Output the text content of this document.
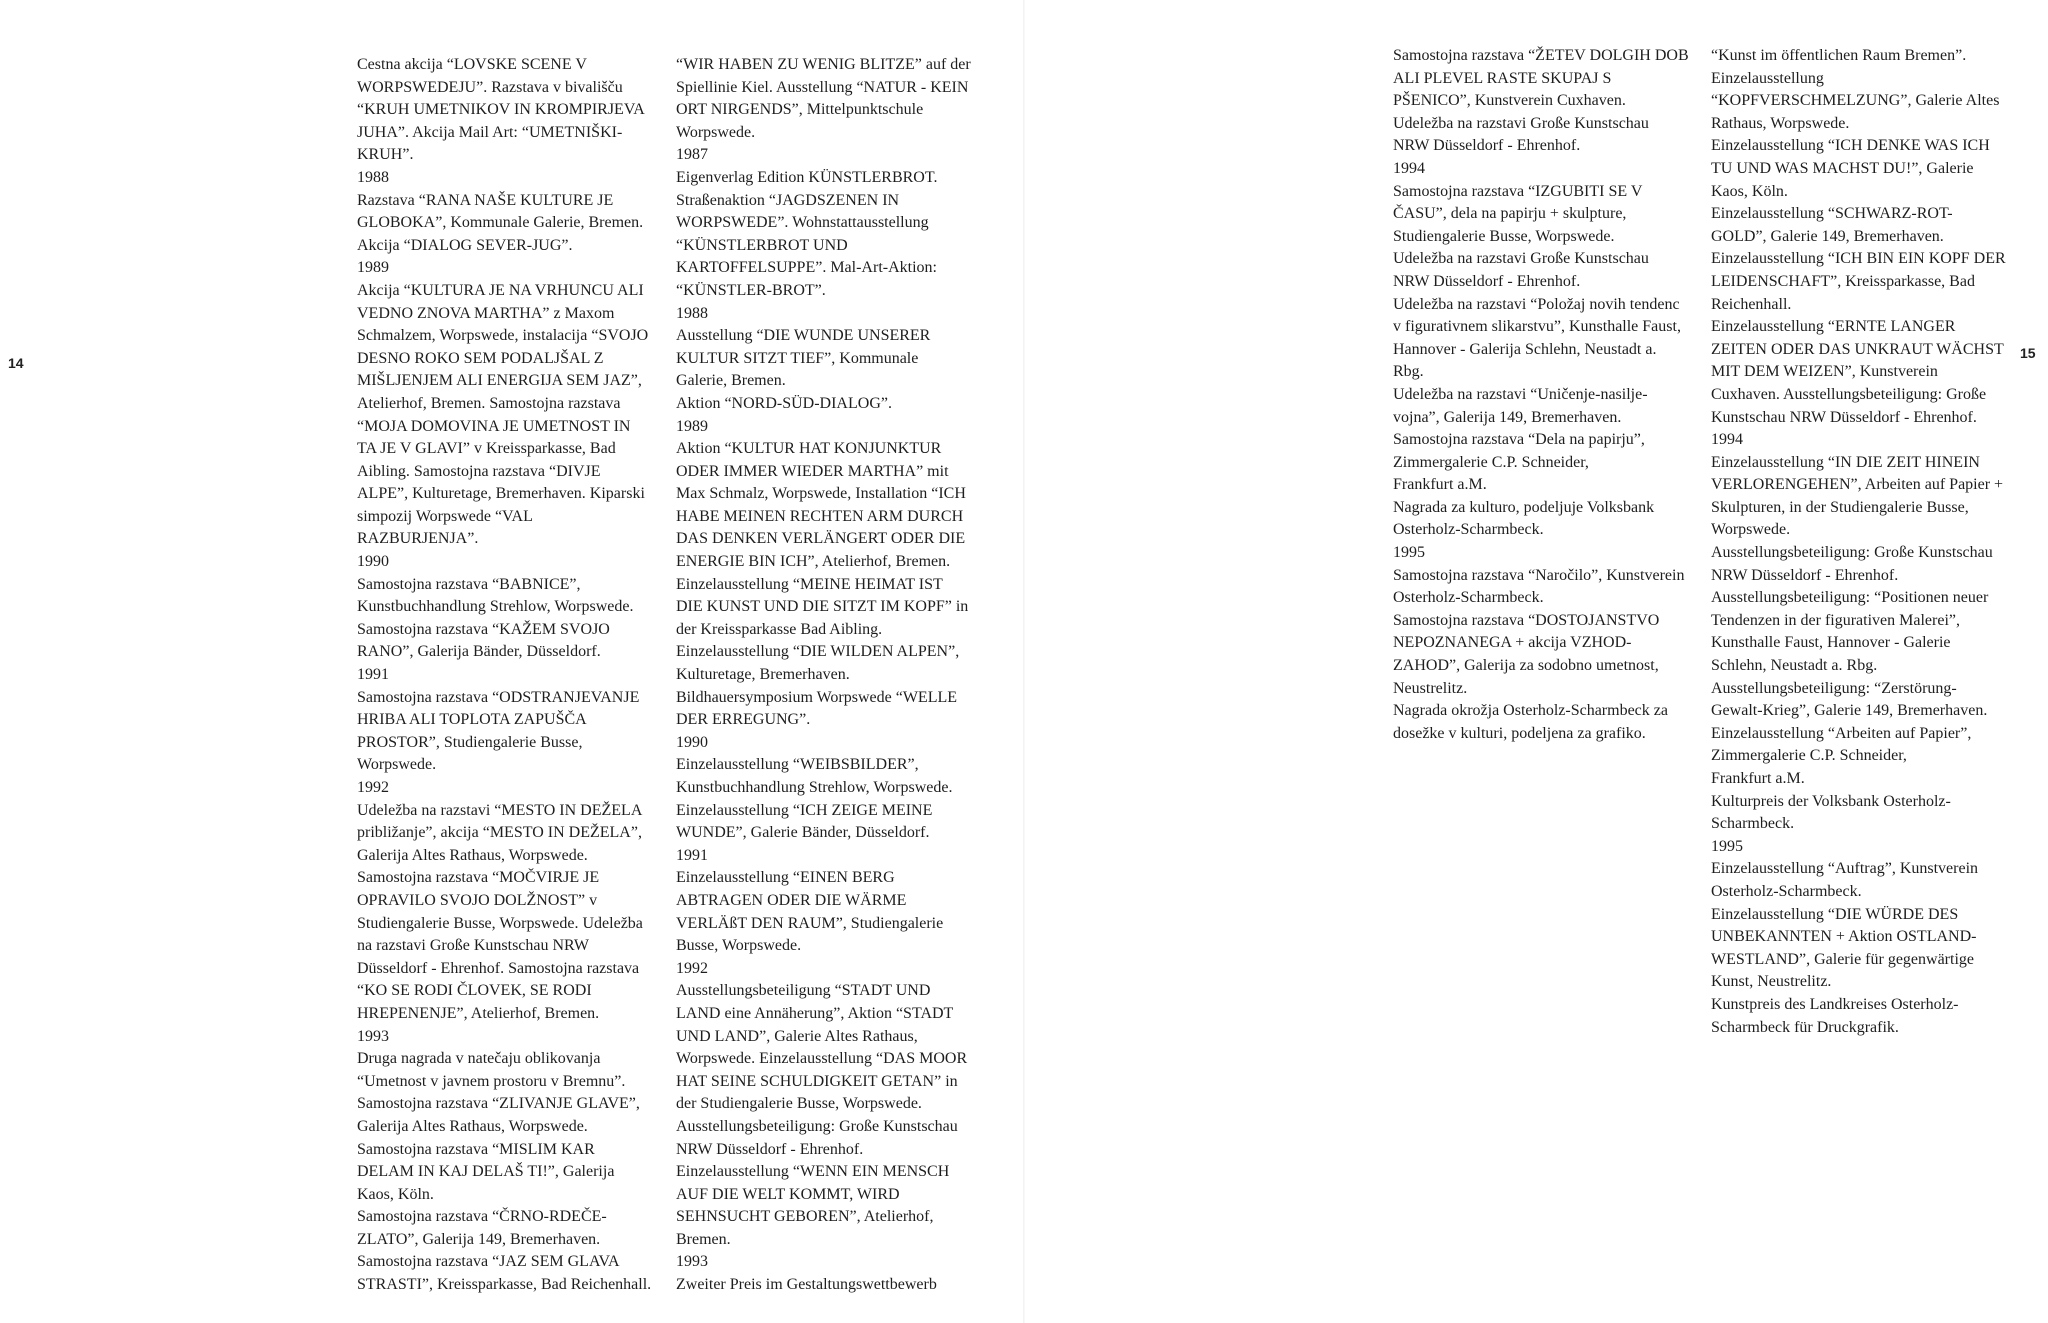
14
15
Cestna akcija “LOVSKE SCENE V
WORPSWEDEJU”. Razstava v bivališču
“KRUH UMETNIKOV IN KROMPIRJEVA
JUHA”. Akcija Mail Art: “UMETNIŠKI-
KRUH”.
1988
Razstava “RANA NAŠE KULTURE JE
GLOBOKA”, Kommunale Galerie, Bremen.
Akcija “DIALOG SEVER-JUG”.
1989
Akcija “KULTURA JE NA VRHUNCU ALI
VEDNO ZNOVA MARTHA” z Maxom
Schmalzem, Worpswede, instalacija “SVOJO
DESNO ROKO SEM PODALJŠAL Z
MIŠLJENJEM ALI ENERGIJA SEM JAZ”,
Atelierhof, Bremen. Samostojna razstava
“MOJA DOMOVINA JE UMETNOST IN
TA JE V GLAVI” v Kreissparkasse, Bad
Aibling. Samostojna razstava “DIVJE
ALPE”, Kulturetage, Bremerhaven. Kiparski
simpozij Worpswede “VAL
RAZBURJENJA”.
1990
Samostojna razstava “BABNICE”,
Kunstbuchhandlung Strehlow, Worpswede.
Samostojna razstava “KAŽEM SVOJO
RANO”, Galerija Bänder, Düsseldorf.
1991
Samostojna razstava “ODSTRANJEVANJE
HRIBA ALI TOPLOTA ZAPUŠČA
PROSTOR”, Studiengalerie Busse,
Worpswede.
1992
Udeležba na razstavi “MESTO IN DEŽELA
približanje”, akcija “MESTO IN DEŽELA”,
Galerija Altes Rathaus, Worpswede.
Samostojna razstava “MOČVIRJE JE
OPRAVILO SVOJO DOLŽNOST” v
Studiengalerie Busse, Worpswede. Udeležba
na razstavi Große Kunstschau NRW
Düsseldorf - Ehrenhof. Samostojna razstava
“KO SE RODI ČLOVEK, SE RODI
HREPENENJE”, Atelierhof, Bremen.
1993
Druga nagrada v natečaju oblikovanja
“Umetnost v javnem prostoru v Bremnu”.
Samostojna razstava “ZLIVANJE GLAVE”,
Galerija Altes Rathaus, Worpswede.
Samostojna razstava “MISLIM KAR
DELAM IN KAJ DELAŠ TI!”, Galerija
Kaos, Köln.
Samostojna razstava “ČRNO-RDEČE-
ZLATO”, Galerija 149, Bremerhaven.
Samostojna razstava “JAZ SEM GLAVA
STRASTI”, Kreissparkasse, Bad Reichenhall.
“WIR HABEN ZU WENIG BLITZE” auf der
Spiellinie Kiel. Ausstellung “NATUR - KEIN
ORT NIRGENDS”, Mittelpunktschule
Worpswede.
1987
Eigenverlag Edition KÜNSTLERBROT.
Straßenaktion “JAGDSZENEN IN
WORPSWEDE”. Wohnstattausstellung
“KÜNSTLERBROT UND
KARTOFFELSUPPE”. Mal-Art-Aktion:
“KÜNSTLER-BROT”.
1988
Ausstellung “DIE WUNDE UNSERER
KULTUR SITZT TIEF”, Kommunale
Galerie, Bremen.
Aktion “NORD-SÜD-DIALOG”.
1989
Aktion “KULTUR HAT KONJUNKTUR
ODER IMMER WIEDER MARTHA” mit
Max Schmalz, Worpswede, Installation “ICH
HABE MEINEN RECHTEN ARM DURCH
DAS DENKEN VERLÄNGERT ODER DIE
ENERGIE BIN ICH”, Atelierhof, Bremen.
Einzelausstellung “MEINE HEIMAT IST
DIE KUNST UND DIE SITZT IM KOPF” in
der Kreissparkasse Bad Aibling.
Einzelausstellung “DIE WILDEN ALPEN”,
Kulturetage, Bremerhaven.
Bildhauersymposium Worpswede “WELLE
DER ERREGUNG”.
1990
Einzelausstellung “WEIBSBILDER”,
Kunstbuchhandlung Strehlow, Worpswede.
Einzelausstellung “ICH ZEIGE MEINE
WUNDE”, Galerie Bänder, Düsseldorf.
1991
Einzelausstellung “EINEN BERG
ABTRAGEN ODER DIE WÄRME
VERLÄßT DEN RAUM”, Studiengalerie
Busse, Worpswede.
1992
Ausstellungsbeteiligung “STADT UND
LAND eine Annäherung”, Aktion “STADT
UND LAND”, Galerie Altes Rathaus,
Worpswede. Einzelausstellung “DAS MOOR
HAT SEINE SCHULDIGKEIT GETAN” in
der Studiengalerie Busse, Worpswede.
Ausstellungsbeteiligung: Große Kunstschau
NRW Düsseldorf - Ehrenhof.
Einzelausstellung “WENN EIN MENSCH
AUF DIE WELT KOMMT, WIRD
SEHNSUCHT GEBOREN”, Atelierhof,
Bremen.
1993
Zweiter Preis im Gestaltungswettbewerb
Samostojna razstava “ŽETEV DOLGIH DOB
ALI PLEVEL RASTE SKUPAJ S
PŠENICO”, Kunstverein Cuxhaven.
Udeležba na razstavi Große Kunstschau
NRW Düsseldorf - Ehrenhof.
1994
Samostojna razstava “IZGUBITI SE V
ČASU”, dela na papirju + skulpture,
Studiengalerie Busse, Worpswede.
Udeležba na razstavi Große Kunstschau
NRW Düsseldorf - Ehrenhof.
Udeležba na razstavi “Položaj novih tendenc
v figurativnem slikarstvu”, Kunsthalle Faust,
Hannover - Galerija Schlehn, Neustadt a.
Rbg.
Udeležba na razstavi “Uničenje-nasilje-
vojna”, Galerija 149, Bremerhaven.
Samostojna razstava “Dela na papirju”,
Zimmergalerie C.P. Schneider,
Frankfurt a.M.
Nagrada za kulturo, podeljuje Volksbank
Osterholz-Scharmbeck.
1995
Samostojna razstava “Naročilo”, Kunstverein
Osterholz-Scharmbeck.
Samostojna razstava “DOSTOJANSTVO
NEPOZNANEGA + akcija VZHOD-
ZAHOD”, Galerija za sodobno umetnost,
Neustrelitz.
Nagrada okrožja Osterholz-Scharmbeck za
dosežke v kulturi, podeljena za grafiko.
“Kunst im öffentlichen Raum Bremen”.
Einzelausstellung
“KOPFVERSCHMELZUNG”, Galerie Altes
Rathaus, Worpswede.
Einzelausstellung “ICH DENKE WAS ICH
TU UND WAS MACHST DU!”, Galerie
Kaos, Köln.
Einzelausstellung “SCHWARZ-ROT-
GOLD”, Galerie 149, Bremerhaven.
Einzelausstellung “ICH BIN EIN KOPF DER
LEIDENSCHAFT”, Kreissparkasse, Bad
Reichenhall.
Einzelausstellung “ERNTE LANGER
ZEITEN ODER DAS UNKRAUT WÄCHST
MIT DEM WEIZEN”, Kunstverein
Cuxhaven. Ausstellungsbeteiligung: Große
Kunstschau NRW Düsseldorf - Ehrenhof.
1994
Einzelausstellung “IN DIE ZEIT HINEIN
VERLORENGEHEN”, Arbeiten auf Papier +
Skulpturen, in der Studiengalerie Busse,
Worpswede.
Ausstellungsbeteiligung: Große Kunstschau
NRW Düsseldorf - Ehrenhof.
Ausstellungsbeteiligung: “Positionen neuer
Tendenzen in der figurativen Malerei”,
Kunsthalle Faust, Hannover - Galerie
Schlehn, Neustadt a. Rbg.
Ausstellungsbeteiligung: “Zerstörung-
Gewalt-Krieg”, Galerie 149, Bremerhaven.
Einzelausstellung “Arbeiten auf Papier”,
Zimmergalerie C.P. Schneider,
Frankfurt a.M.
Kulturpreis der Volksbank Osterholz-
Scharmbeck.
1995
Einzelausstellung “Auftrag”, Kunstverein
Osterholz-Scharmbeck.
Einzelausstellung “DIE WÜRDE DES
UNBEKANNTEN + Aktion OSTLAND-
WESTLAND”, Galerie für gegenwärtige
Kunst, Neustrelitz.
Kunstpreis des Landkreises Osterholz-
Scharmbeck für Druckgrafik.
